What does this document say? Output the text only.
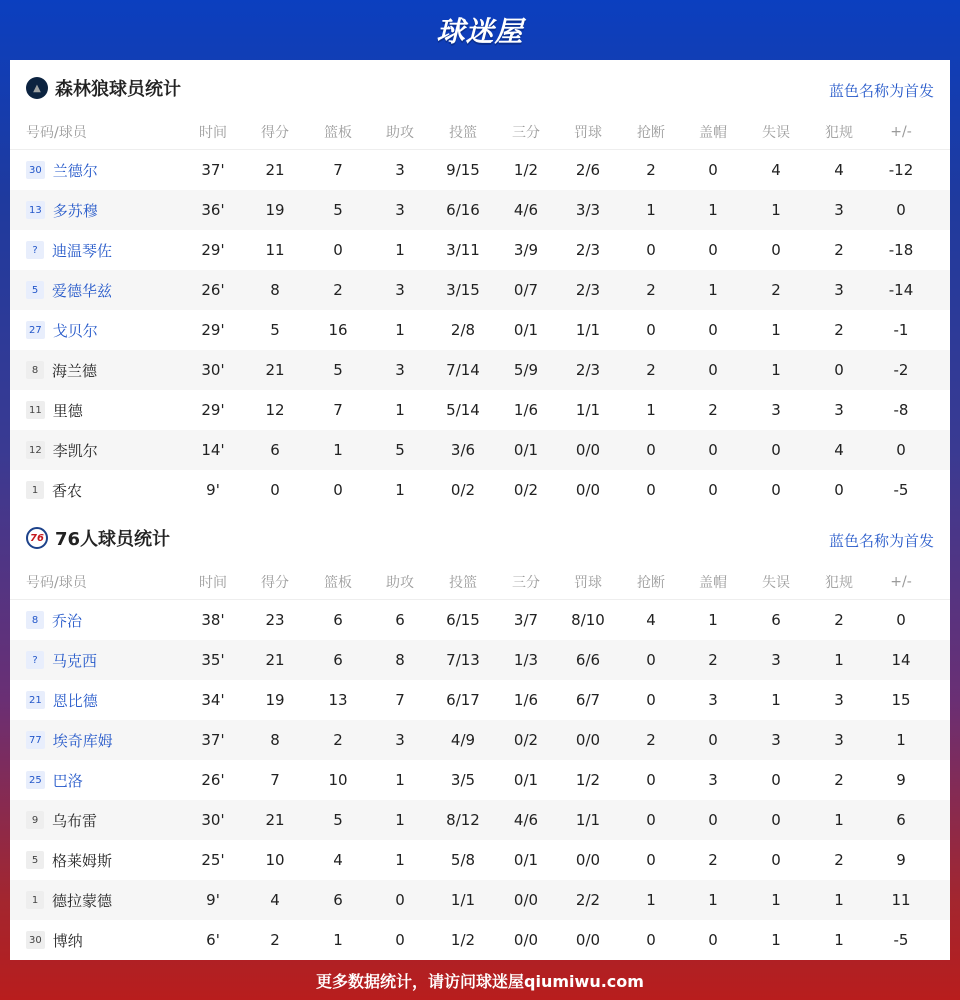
球迷屋
▲ 森林狼球员统计	蓝色名称为首发
号码/球员	时间	得分	篮板	助攻	投篮	三分	罚球	抢断	盖帽	失误	犯规	+/-
30 兰德尔	37'	21	7	3	9/15	1/2	2/6	2	0	4	4	-12
13 多苏穆	36'	19	5	3	6/16	4/6	3/3	1	1	1	3	0
? 迪温琴佐	29'	11	0	1	3/11	3/9	2/3	0	0	0	2	-18
5 爱德华兹	26'	8	2	3	3/15	0/7	2/3	2	1	2	3	-14
27 戈贝尔	29'	5	16	1	2/8	0/1	1/1	0	0	1	2	-1
8 海兰德	30'	21	5	3	7/14	5/9	2/3	2	0	1	0	-2
11 里德	29'	12	7	1	5/14	1/6	1/1	1	2	3	3	-8
12 李凯尔	14'	6	1	5	3/6	0/1	0/0	0	0	0	4	0
1 香农	9'	0	0	1	0/2	0/2	0/0	0	0	0	0	-5
76 76人球员统计	蓝色名称为首发
号码/球员	时间	得分	篮板	助攻	投篮	三分	罚球	抢断	盖帽	失误	犯规	+/-
8 乔治	38'	23	6	6	6/15	3/7	8/10	4	1	6	2	0
? 马克西	35'	21	6	8	7/13	1/3	6/6	0	2	3	1	14
21 恩比德	34'	19	13	7	6/17	1/6	6/7	0	3	1	3	15
77 埃奇库姆	37'	8	2	3	4/9	0/2	0/0	2	0	3	3	1
25 巴洛	26'	7	10	1	3/5	0/1	1/2	0	3	0	2	9
9 乌布雷	30'	21	5	1	8/12	4/6	1/1	0	0	0	1	6
5 格莱姆斯	25'	10	4	1	5/8	0/1	0/0	0	2	0	2	9
1 德拉蒙德	9'	4	6	0	1/1	0/0	2/2	1	1	1	1	11
30 博纳	6'	2	1	0	1/2	0/0	0/0	0	0	1	1	-5
更多数据统计，请访问球迷屋qiumiwu.com
